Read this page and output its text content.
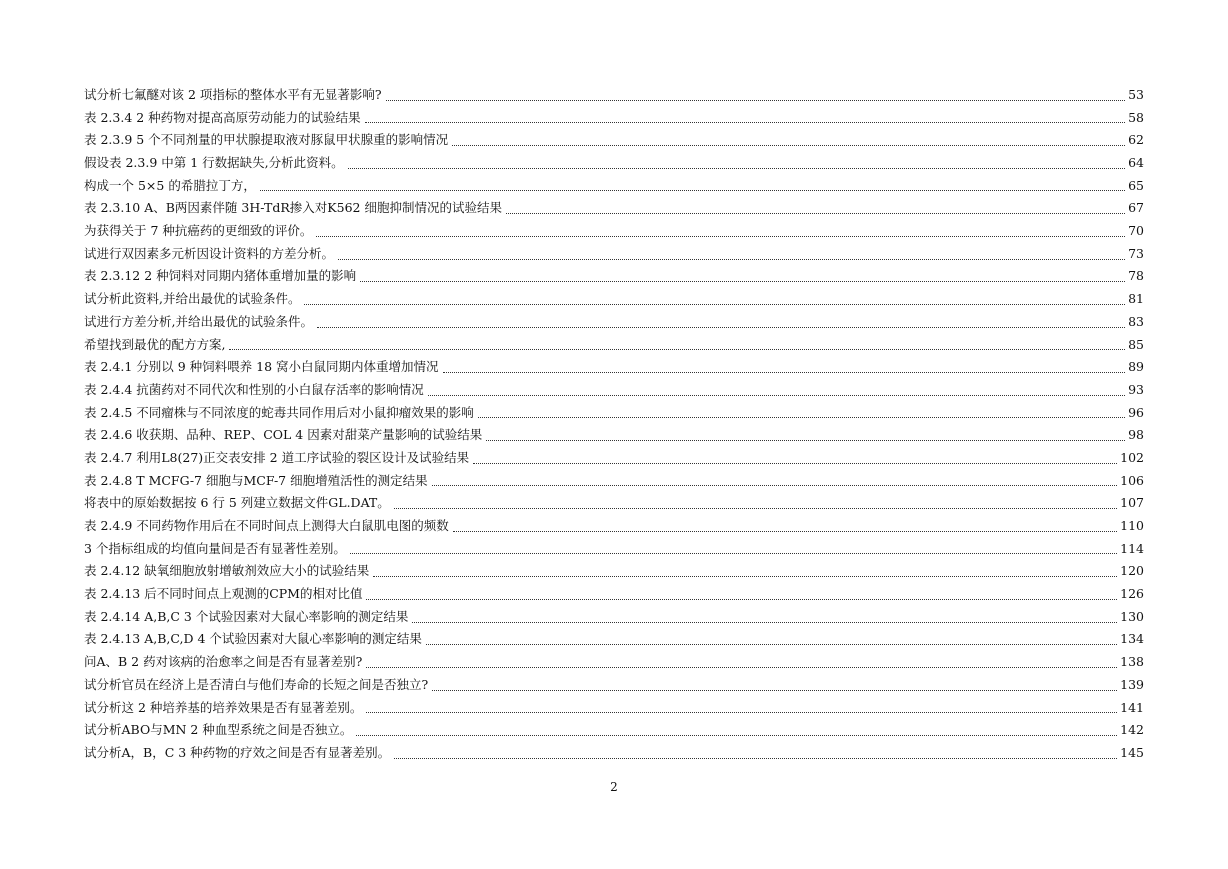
试分析七氟醚对该 2 项指标的整体水平有无显著影响?	53
表 2.3.4 2 种药物对提高高原劳动能力的试验结果	58
表 2.3.9 5 个不同剂量的甲状腺提取液对豚鼠甲状腺重的影响情况	62
假设表 2.3.9 中第 1 行数据缺失,分析此资料。	64
构成一个 5×5 的希腊拉丁方，	65
表 2.3.10 A、B两因素伴随 3H-TdR掺入对K562 细胞抑制情况的试验结果	67
为获得关于 7 种抗癌药的更细致的评价。	70
试进行双因素多元析因设计资料的方差分析。	73
表 2.3.12 2 种饲料对同期内猪体重增加量的影响	78
试分析此资料,并给出最优的试验条件。	81
试进行方差分析,并给出最优的试验条件。	83
希望找到最优的配方方案,	85
表 2.4.1 分别以 9 种饲料喂养 18 窝小白鼠同期内体重增加情况	89
表 2.4.4 抗菌药对不同代次和性别的小白鼠存活率的影响情况	93
表 2.4.5 不同瘤株与不同浓度的蛇毒共同作用后对小鼠抑瘤效果的影响	96
表 2.4.6 收获期、品种、REP、COL 4 因素对甜菜产量影响的试验结果	98
表 2.4.7 利用L8(27)正交表安排 2 道工序试验的裂区设计及试验结果	102
表 2.4.8 T MCFG-7 细胞与MCF-7 细胞增殖活性的测定结果	106
将表中的原始数据按 6 行 5 列建立数据文件GL.DAT。	107
表 2.4.9 不同药物作用后在不同时间点上测得大白鼠肌电图的频数	110
3 个指标组成的均值向量间是否有显著性差别。	114
表 2.4.12 缺氧细胞放射增敏剂效应大小的试验结果	120
表 2.4.13 后不同时间点上观测的CPM的相对比值	126
表 2.4.14 A,B,C 3 个试验因素对大鼠心率影响的测定结果	130
表 2.4.13 A,B,C,D 4 个试验因素对大鼠心率影响的测定结果	134
问A、B 2 药对该病的治愈率之间是否有显著差别?	138
试分析官员在经济上是否清白与他们寿命的长短之间是否独立?	139
试分析这 2 种培养基的培养效果是否有显著差别。	141
试分析ABO与MN 2 种血型系统之间是否独立。	142
试分析A，B，C 3 种药物的疗效之间是否有显著差别。	145
2
